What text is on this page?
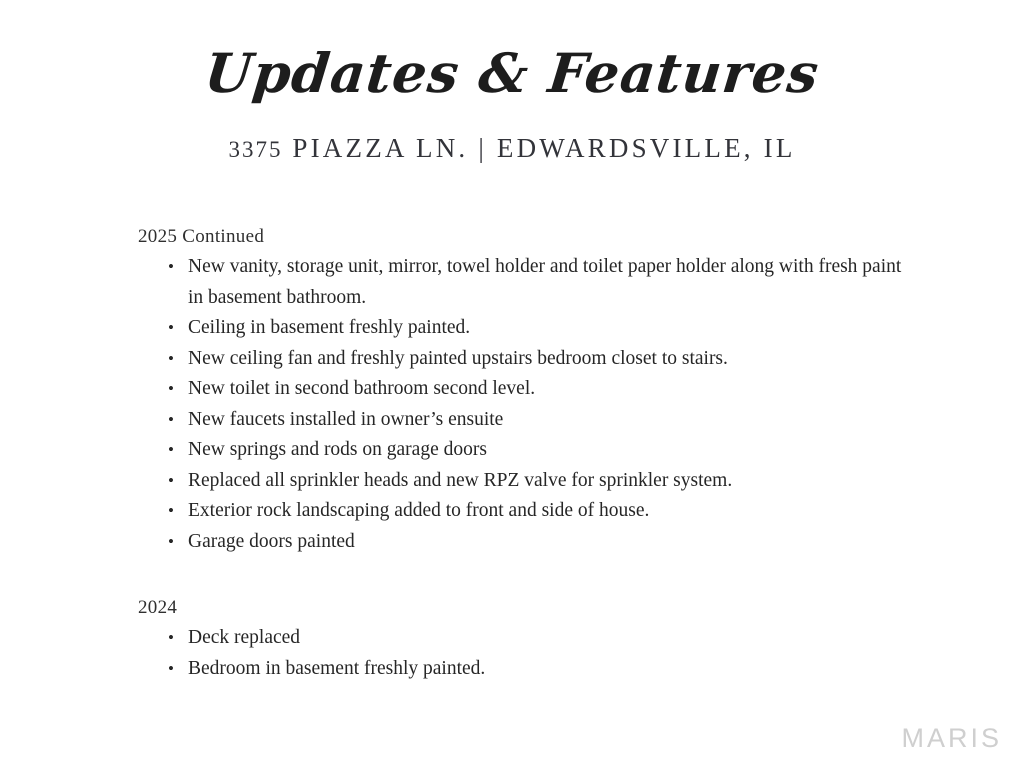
Updates & Features
3375 PIAZZA LN. | EDWARDSVILLE, IL

2025 Continued

• New vanity, storage unit, mirror, towel holder and toilet paper holder along with fresh paint in basement bathroom.
• Ceiling in basement freshly painted.
• New ceiling fan and freshly painted upstairs bedroom closet to stairs.
• New toilet in second bathroom second level.
• New faucets installed in owner’s ensuite
• New springs and rods on garage doors
• Replaced all sprinkler heads and new RPZ valve for sprinkler system.
• Exterior rock landscaping added to front and side of house.
• Garage doors painted

2024

• Deck replaced
• Bedroom in basement freshly painted.
MARIS
